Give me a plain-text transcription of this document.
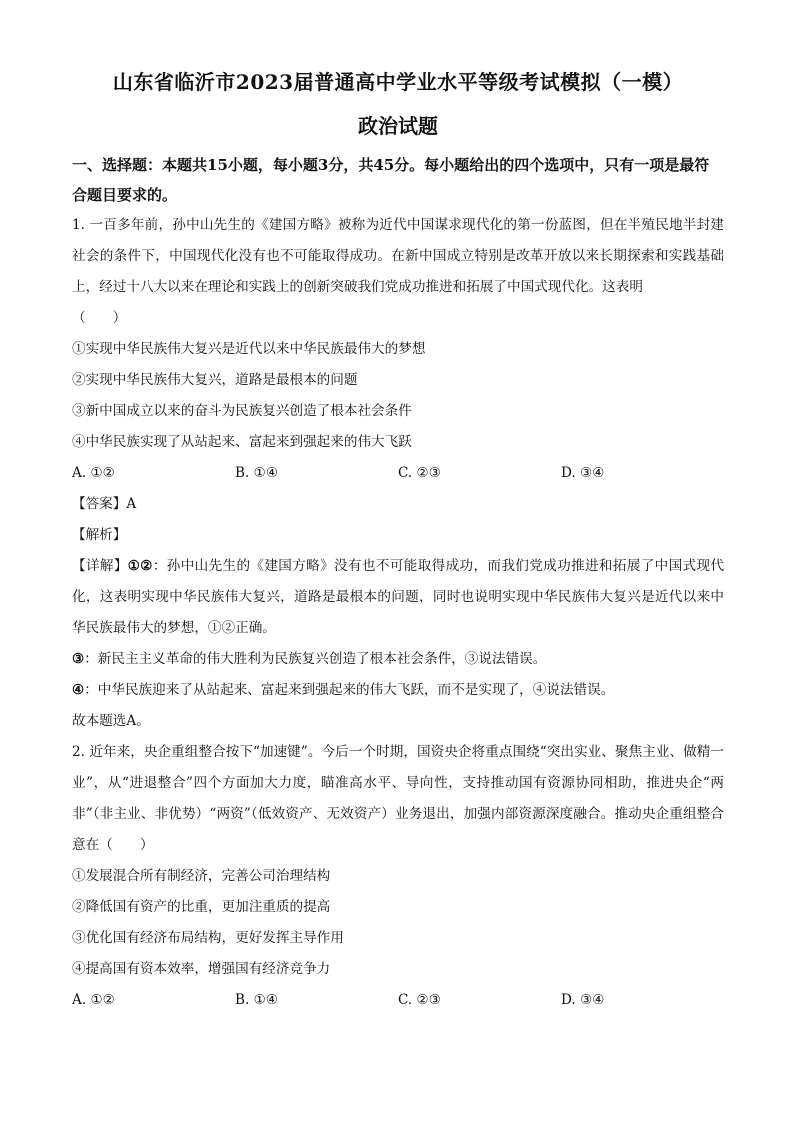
山东省临沂市2023届普通高中学业水平等级考试模拟（一模）
政治试题
一、选择题：本题共15小题，每小题3分，共45分。每小题给出的四个选项中，只有一项是最符合题目要求的。

1. 一百多年前，孙中山先生的《建国方略》被称为近代中国谋求现代化的第一份蓝图，但在半殖民地半封建社会的条件下，中国现代化没有也不可能取得成功。在新中国成立特别是改革开放以来长期探索和实践基础上，经过十八大以来在理论和实践上的创新突破我们党成功推进和拓展了中国式现代化。这表明

（　　）

①实现中华民族伟大复兴是近代以来中华民族最伟大的梦想

②实现中华民族伟大复兴，道路是最根本的问题

③新中国成立以来的奋斗为民族复兴创造了根本社会条件

④中华民族实现了从站起来、富起来到强起来的伟大飞跃

A. ①②	B. ①④	C. ②③	D. ③④

【答案】A

【解析】

【详解】①②：孙中山先生的《建国方略》没有也不可能取得成功，而我们党成功推进和拓展了中国式现代化，这表明实现中华民族伟大复兴，道路是最根本的问题，同时也说明实现中华民族伟大复兴是近代以来中华民族最伟大的梦想，①②正确。

③：新民主主义革命的伟大胜利为民族复兴创造了根本社会条件，③说法错误。

④：中华民族迎来了从站起来、富起来到强起来的伟大飞跃，而不是实现了，④说法错误。

故本题选A。

2. 近年来，央企重组整合按下“加速键”。今后一个时期，国资央企将重点围绕“突出实业、聚焦主业、做精一业”，从“进退整合”四个方面加大力度，瞄准高水平、导向性，支持推动国有资源协同相助，推进央企“两非”（非主业、非优势）“两资”（低效资产、无效资产）业务退出，加强内部资源深度融合。推动央企重组整合意在（　　）

①发展混合所有制经济，完善公司治理结构

②降低国有资产的比重，更加注重质的提高

③优化国有经济布局结构，更好发挥主导作用

④提高国有资本效率，增强国有经济竞争力

A. ①②	B. ①④	C. ②③	D. ③④
